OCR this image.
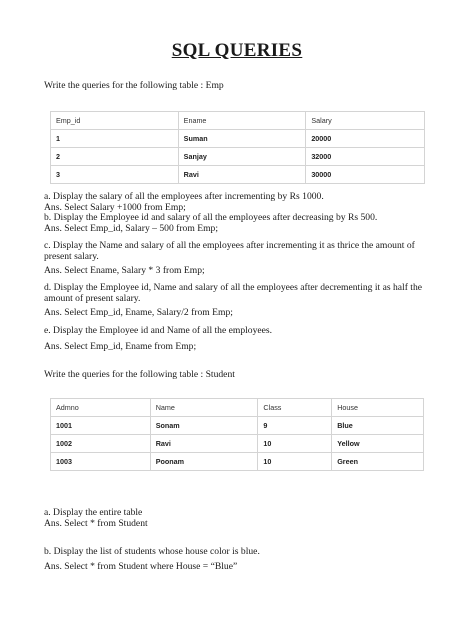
SQL QUERIES
Write the queries for the following table : Emp
Emp_id	Ename	Salary
1	Suman	20000
2	Sanjay	32000
3	Ravi	30000
a. Display the salary of all the employees after incrementing by Rs 1000.
Ans. Select Salary +1000 from Emp;
b. Display the Employee id and salary of all the employees after decreasing by Rs 500.
Ans. Select Emp_id, Salary – 500 from Emp;
c. Display the Name and salary of all the employees after incrementing it as thrice the amount of present salary.
Ans. Select Ename, Salary * 3 from Emp;
d. Display the Employee id, Name and salary of all the employees after decrementing it as half the amount of present salary.
Ans. Select Emp_id, Ename, Salary/2 from Emp;
e. Display the Employee id and Name of all the employees.
Ans. Select Emp_id, Ename from Emp;
Write the queries for the following table : Student
Admno	Name	Class	House
1001	Sonam	9	Blue
1002	Ravi	10	Yellow
1003	Poonam	10	Green
a. Display the entire table
Ans. Select * from Student
b. Display the list of students whose house color is blue.
Ans. Select * from Student where House = “Blue”
